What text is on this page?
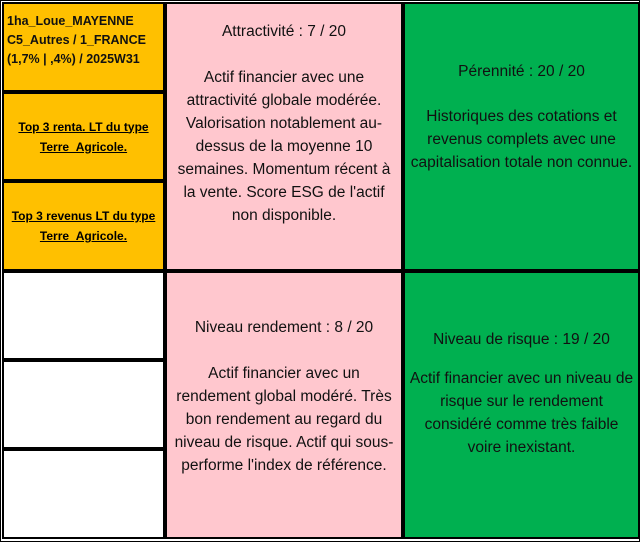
1ha_Loue_MAYENNE
C5_Autres / 1_FRANCE
(1,7% | ,4%) / 2025W31
Top 3 renta. LT du type Terre_Agricole.
Top 3 revenus LT du type Terre_Agricole.
Attractivité : 7 / 20
Actif financier avec une attractivité globale modérée. Valorisation notablement au-dessus de la moyenne 10 semaines. Momentum récent à la vente. Score ESG de l'actif non disponible.
Pérennité : 20 / 20
Historiques des cotations et revenus complets avec une capitalisation totale non connue.
Niveau rendement : 8 / 20
Actif financier avec un rendement global modéré. Très bon rendement au regard du niveau de risque. Actif qui sous-performe l'index de référence.
Niveau de risque : 19 / 20
Actif financier avec un niveau de risque sur le rendement considéré comme très faible voire inexistant.
